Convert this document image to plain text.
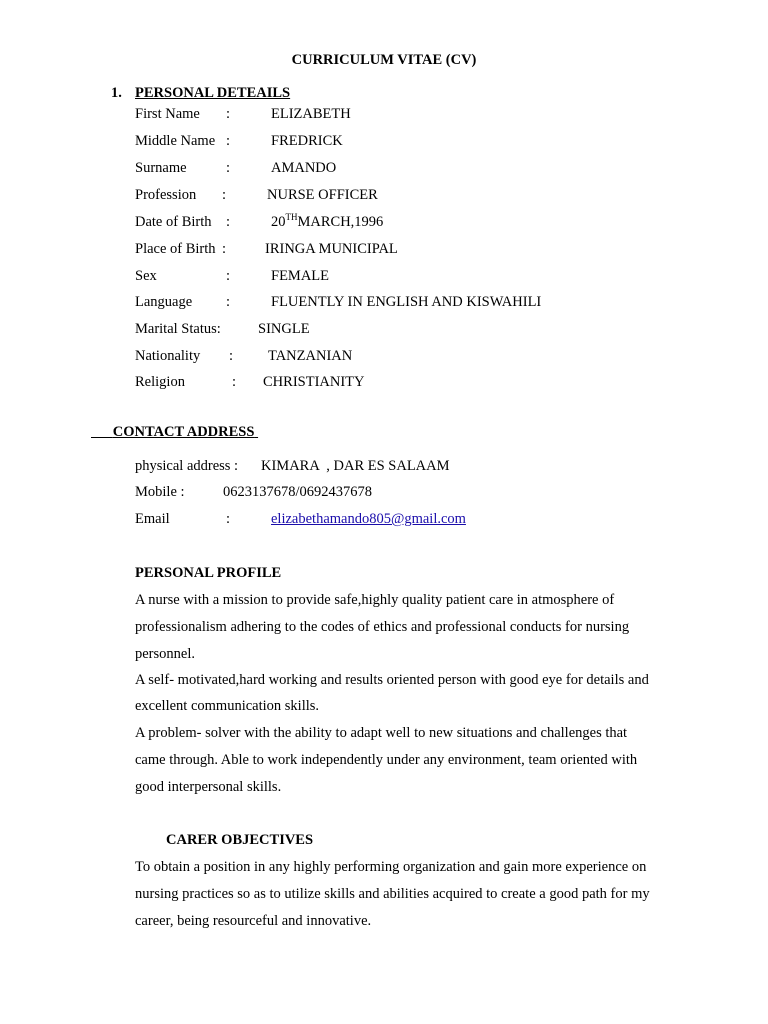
CURRICULUM VITAE (CV)
1. PERSONAL DETEAILS
First Name :	ELIZABETH
Middle Name :	FREDRICK
Surname	:	AMANDO
Profession :	NURSE OFFICER
Date of Birth :	20THMARCH,1996
Place of Birth :	IRINGA MUNICIPAL
Sex	:	FEMALE
Language :	FLUENTLY IN ENGLISH AND KISWAHILI
Marital Status:	SINGLE
Nationality : TANZANIAN
Religion	: CHRISTIANITY
CONTACT ADDRESS
physical address : KIMARA  , DAR ES SALAAM
Mobile :	0623137678/0692437678
Email	:	elizabethamando805@gmail.com
PERSONAL PROFILE
A nurse with a mission to provide safe,highly quality patient care in atmosphere of
professionalism adhering to the codes of ethics and professional conducts for nursing
personnel.
A self- motivated,hard working and results oriented person with good eye for details and
excellent communication skills.
A problem- solver with the ability to adapt well to new situations and challenges that
came through. Able to work independently under any environment, team oriented with
good interpersonal skills.
CARER OBJECTIVES
To obtain a position in any highly performing organization and gain more experience on
nursing practices so as to utilize skills and abilities acquired to create a good path for my
career, being resourceful and innovative.
